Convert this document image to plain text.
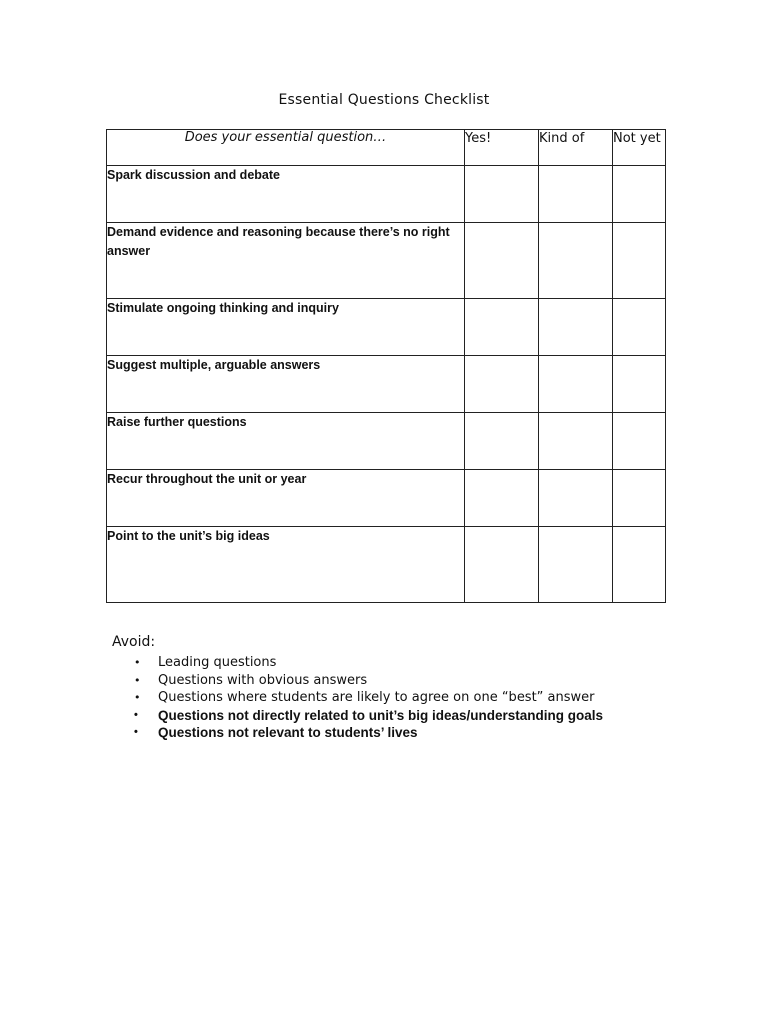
Essential Questions Checklist
Does your essential question…	Yes!	Kind of	Not yet
Spark discussion and debate			
Demand evidence and reasoning because there’s no right answer			
Stimulate ongoing thinking and inquiry			
Suggest multiple, arguable answers			
Raise further questions			
Recur throughout the unit or year			
Point to the unit’s big ideas			
Avoid:
• Leading questions
• Questions with obvious answers
• Questions where students are likely to agree on one “best” answer
• Questions not directly related to unit’s big ideas/understanding goals
• Questions not relevant to students’ lives
